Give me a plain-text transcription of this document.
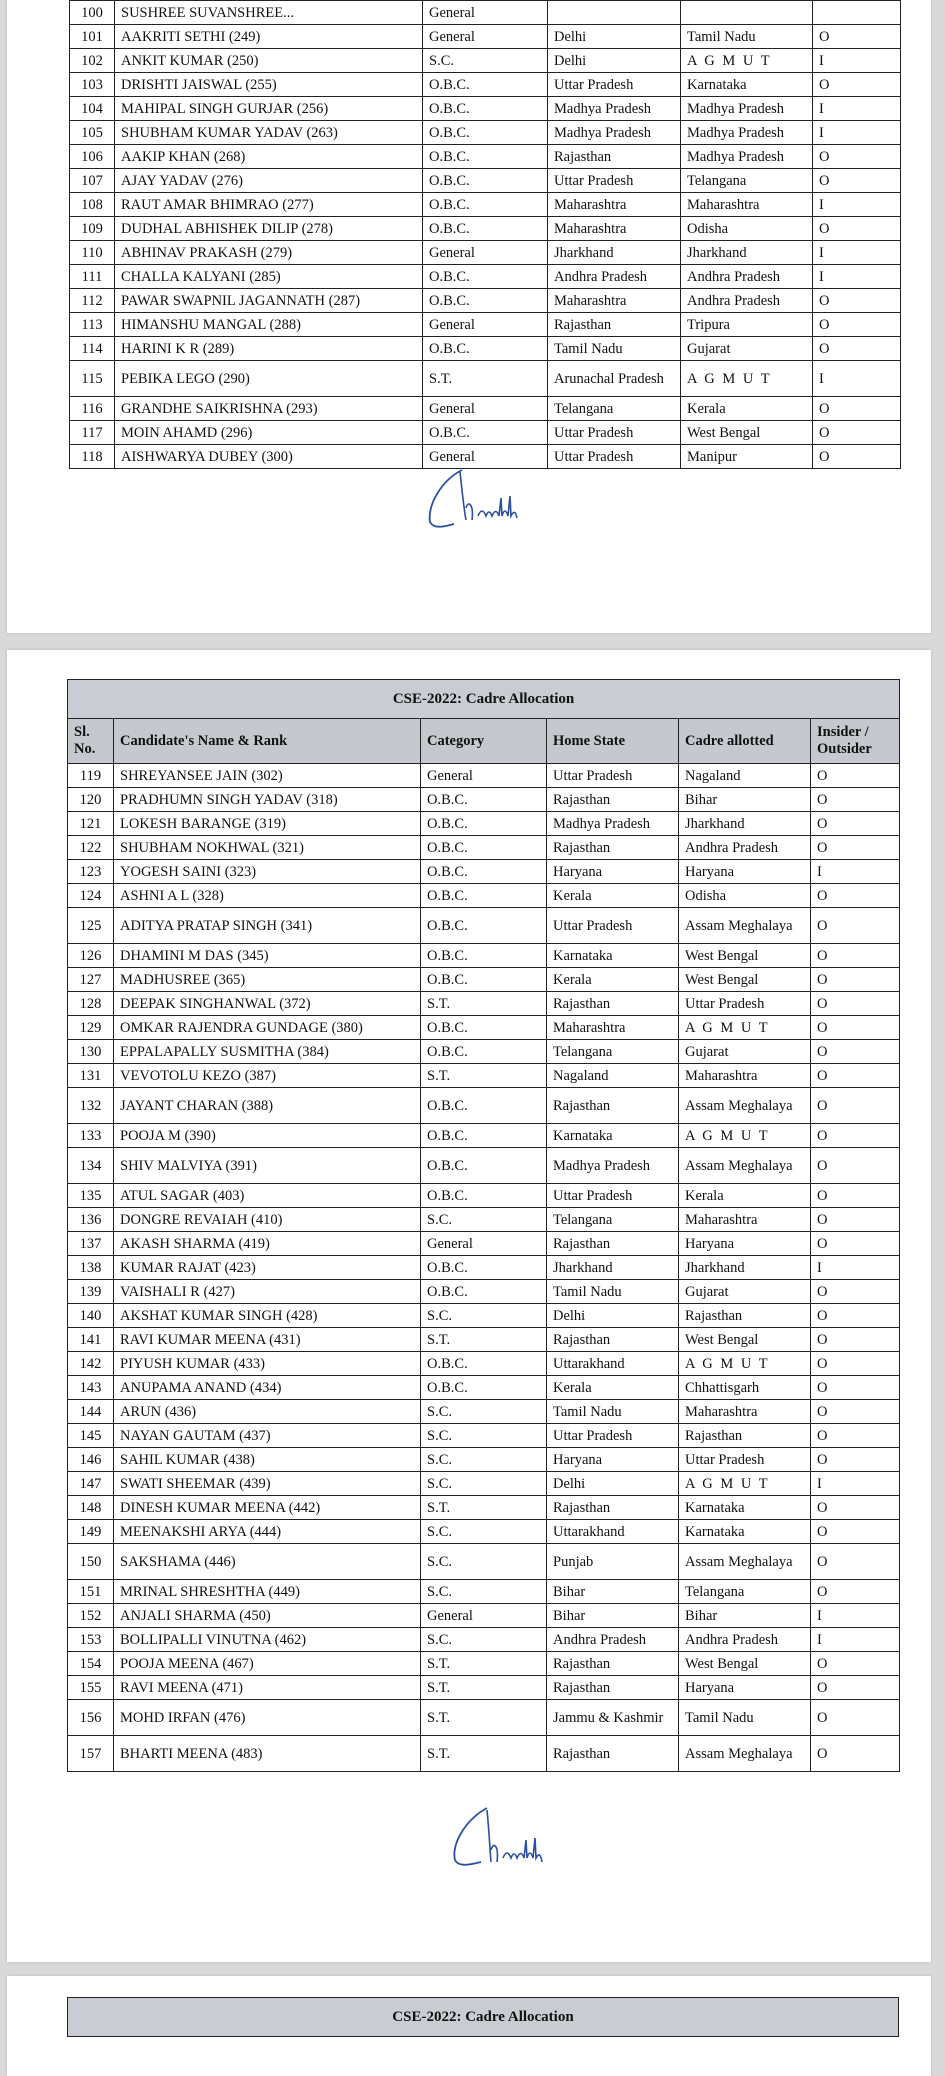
100	SUSHREE SUVANSHREE...	General			
101	AAKRITI SETHI (249)	General	Delhi	Tamil Nadu	O
102	ANKIT KUMAR (250)	S.C.	Delhi	A G M U T	I
103	DRISHTI JAISWAL (255)	O.B.C.	Uttar Pradesh	Karnataka	O
104	MAHIPAL SINGH GURJAR (256)	O.B.C.	Madhya Pradesh	Madhya Pradesh	I
105	SHUBHAM KUMAR YADAV (263)	O.B.C.	Madhya Pradesh	Madhya Pradesh	I
106	AAKIP KHAN (268)	O.B.C.	Rajasthan	Madhya Pradesh	O
107	AJAY YADAV (276)	O.B.C.	Uttar Pradesh	Telangana	O
108	RAUT AMAR BHIMRAO (277)	O.B.C.	Maharashtra	Maharashtra	I
109	DUDHAL ABHISHEK DILIP (278)	O.B.C.	Maharashtra	Odisha	O
110	ABHINAV PRAKASH (279)	General	Jharkhand	Jharkhand	I
111	CHALLA KALYANI (285)	O.B.C.	Andhra Pradesh	Andhra Pradesh	I
112	PAWAR SWAPNIL JAGANNATH (287)	O.B.C.	Maharashtra	Andhra Pradesh	O
113	HIMANSHU MANGAL (288)	General	Rajasthan	Tripura	O
114	HARINI K R (289)	O.B.C.	Tamil Nadu	Gujarat	O
115	PEBIKA LEGO (290)	S.T.	Arunachal Pradesh	A G M U T	I
116	GRANDHE SAIKRISHNA (293)	General	Telangana	Kerala	O
117	MOIN AHAMD (296)	O.B.C.	Uttar Pradesh	West Bengal	O
118	AISHWARYA DUBEY (300)	General	Uttar Pradesh	Manipur	O
CSE-2022: Cadre Allocation					
Sl. No.	Candidate's Name & Rank	Category	Home State	Cadre allotted	Insider / Outsider
119	SHREYANSEE JAIN (302)	General	Uttar Pradesh	Nagaland	O
120	PRADHUMN SINGH YADAV (318)	O.B.C.	Rajasthan	Bihar	O
121	LOKESH BARANGE (319)	O.B.C.	Madhya Pradesh	Jharkhand	O
122	SHUBHAM NOKHWAL (321)	O.B.C.	Rajasthan	Andhra Pradesh	O
123	YOGESH SAINI (323)	O.B.C.	Haryana	Haryana	I
124	ASHNI A L (328)	O.B.C.	Kerala	Odisha	O
125	ADITYA PRATAP SINGH (341)	O.B.C.	Uttar Pradesh	Assam Meghalaya	O
126	DHAMINI M DAS (345)	O.B.C.	Karnataka	West Bengal	O
127	MADHUSREE (365)	O.B.C.	Kerala	West Bengal	O
128	DEEPAK SINGHANWAL (372)	S.T.	Rajasthan	Uttar Pradesh	O
129	OMKAR RAJENDRA GUNDAGE (380)	O.B.C.	Maharashtra	A G M U T	O
130	EPPALAPALLY SUSMITHA (384)	O.B.C.	Telangana	Gujarat	O
131	VEVOTOLU KEZO (387)	S.T.	Nagaland	Maharashtra	O
132	JAYANT CHARAN (388)	O.B.C.	Rajasthan	Assam Meghalaya	O
133	POOJA M (390)	O.B.C.	Karnataka	A G M U T	O
134	SHIV MALVIYA (391)	O.B.C.	Madhya Pradesh	Assam Meghalaya	O
135	ATUL SAGAR (403)	O.B.C.	Uttar Pradesh	Kerala	O
136	DONGRE REVAIAH (410)	S.C.	Telangana	Maharashtra	O
137	AKASH SHARMA (419)	General	Rajasthan	Haryana	O
138	KUMAR RAJAT (423)	O.B.C.	Jharkhand	Jharkhand	I
139	VAISHALI R (427)	O.B.C.	Tamil Nadu	Gujarat	O
140	AKSHAT KUMAR SINGH (428)	S.C.	Delhi	Rajasthan	O
141	RAVI KUMAR MEENA (431)	S.T.	Rajasthan	West Bengal	O
142	PIYUSH KUMAR (433)	O.B.C.	Uttarakhand	A G M U T	O
143	ANUPAMA ANAND (434)	O.B.C.	Kerala	Chhattisgarh	O
144	ARUN (436)	S.C.	Tamil Nadu	Maharashtra	O
145	NAYAN GAUTAM (437)	S.C.	Uttar Pradesh	Rajasthan	O
146	SAHIL KUMAR (438)	S.C.	Haryana	Uttar Pradesh	O
147	SWATI SHEEMAR (439)	S.C.	Delhi	A G M U T	I
148	DINESH KUMAR MEENA (442)	S.T.	Rajasthan	Karnataka	O
149	MEENAKSHI ARYA (444)	S.C.	Uttarakhand	Karnataka	O
150	SAKSHAMA (446)	S.C.	Punjab	Assam Meghalaya	O
151	MRINAL SHRESHTHA (449)	S.C.	Bihar	Telangana	O
152	ANJALI SHARMA (450)	General	Bihar	Bihar	I
153	BOLLIPALLI VINUTNA (462)	S.C.	Andhra Pradesh	Andhra Pradesh	I
154	POOJA MEENA (467)	S.T.	Rajasthan	West Bengal	O
155	RAVI MEENA (471)	S.T.	Rajasthan	Haryana	O
156	MOHD IRFAN (476)	S.T.	Jammu & Kashmir	Tamil Nadu	O
157	BHARTI MEENA (483)	S.T.	Rajasthan	Assam Meghalaya	O
CSE-2022: Cadre Allocation
